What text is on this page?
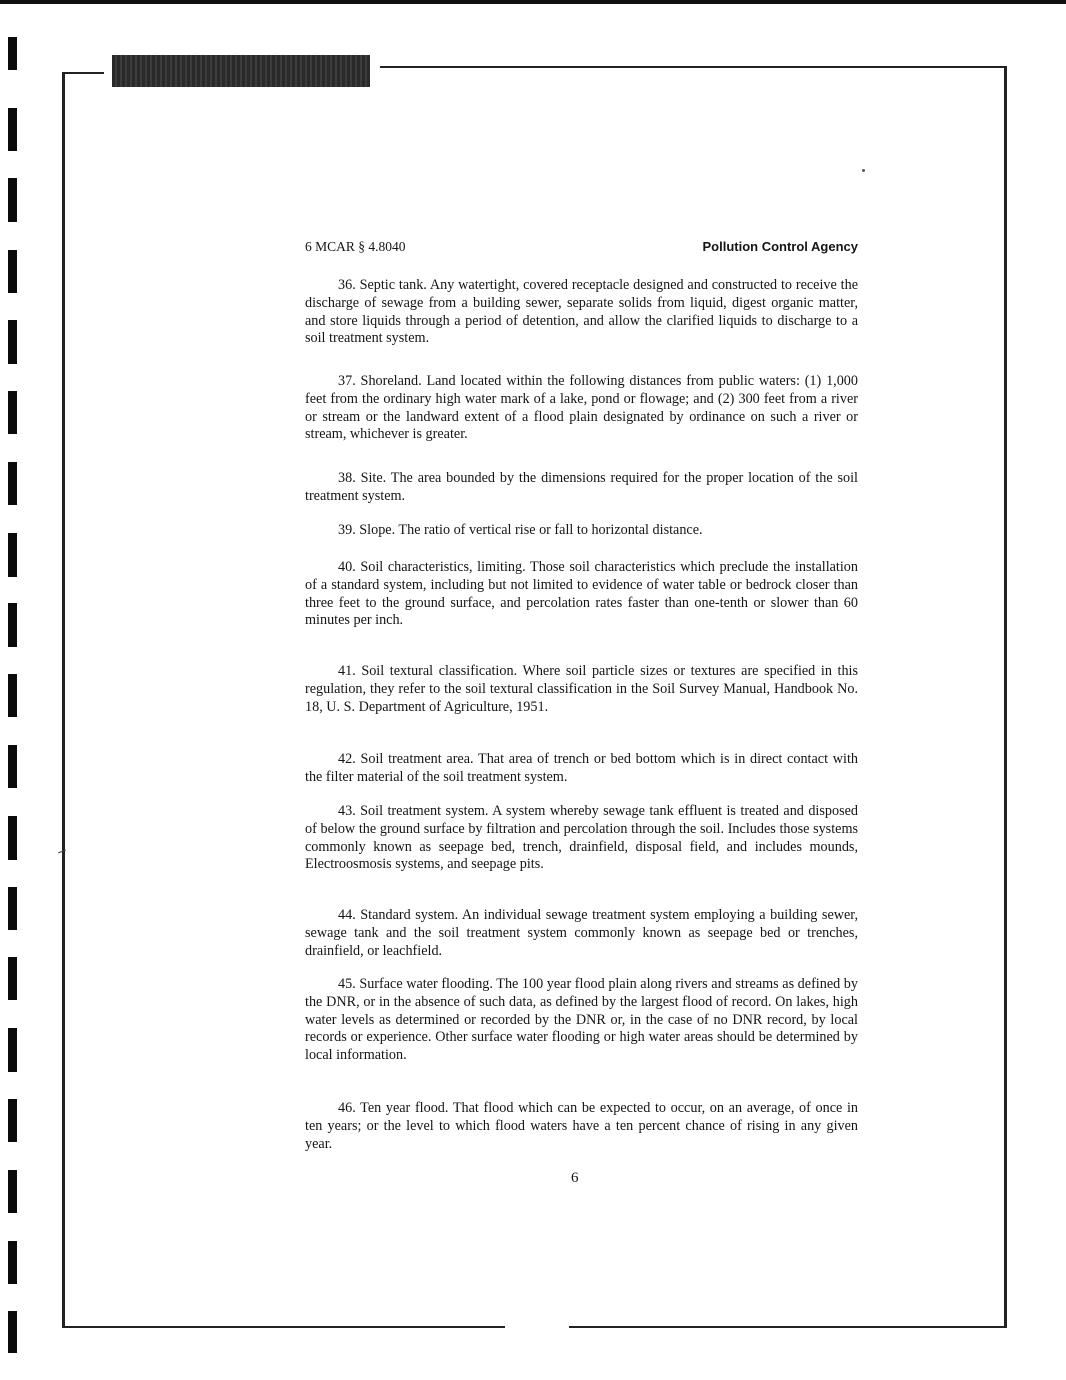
6 MCAR § 4.8040	Pollution Control Agency

36. Septic tank. Any watertight, covered receptacle designed and constructed to receive the discharge of sewage from a building sewer, separate solids from liquid, digest organic matter, and store liquids through a period of detention, and allow the clarified liquids to discharge to a soil treatment system.

37. Shoreland. Land located within the following distances from public waters: (1) 1,000 feet from the ordinary high water mark of a lake, pond or flowage; and (2) 300 feet from a river or stream or the landward extent of a flood plain designated by ordinance on such a river or stream, whichever is greater.

38. Site. The area bounded by the dimensions required for the proper location of the soil treatment system.

39. Slope. The ratio of vertical rise or fall to horizontal distance.

40. Soil characteristics, limiting. Those soil characteristics which preclude the installation of a standard system, including but not limited to evidence of water table or bedrock closer than three feet to the ground surface, and percolation rates faster than one-tenth or slower than 60 minutes per inch.

41. Soil textural classification. Where soil particle sizes or textures are specified in this regulation, they refer to the soil textural classification in the Soil Survey Manual, Handbook No. 18, U. S. Department of Agriculture, 1951.

42. Soil treatment area. That area of trench or bed bottom which is in direct contact with the filter material of the soil treatment system.

43. Soil treatment system. A system whereby sewage tank effluent is treated and disposed of below the ground surface by filtration and percolation through the soil. Includes those systems commonly known as seepage bed, trench, drainfield, disposal field, and includes mounds, Electroosmosis systems, and seepage pits.

44. Standard system. An individual sewage treatment system employing a building sewer, sewage tank and the soil treatment system commonly known as seepage bed or trenches, drainfield, or leachfield.

45. Surface water flooding. The 100 year flood plain along rivers and streams as defined by the DNR, or in the absence of such data, as defined by the largest flood of record. On lakes, high water levels as determined or recorded by the DNR or, in the case of no DNR record, by local records or experience. Other surface water flooding or high water areas should be determined by local information.

46. Ten year flood. That flood which can be expected to occur, on an average, of once in ten years; or the level to which flood waters have a ten percent chance of rising in any given year.

6
